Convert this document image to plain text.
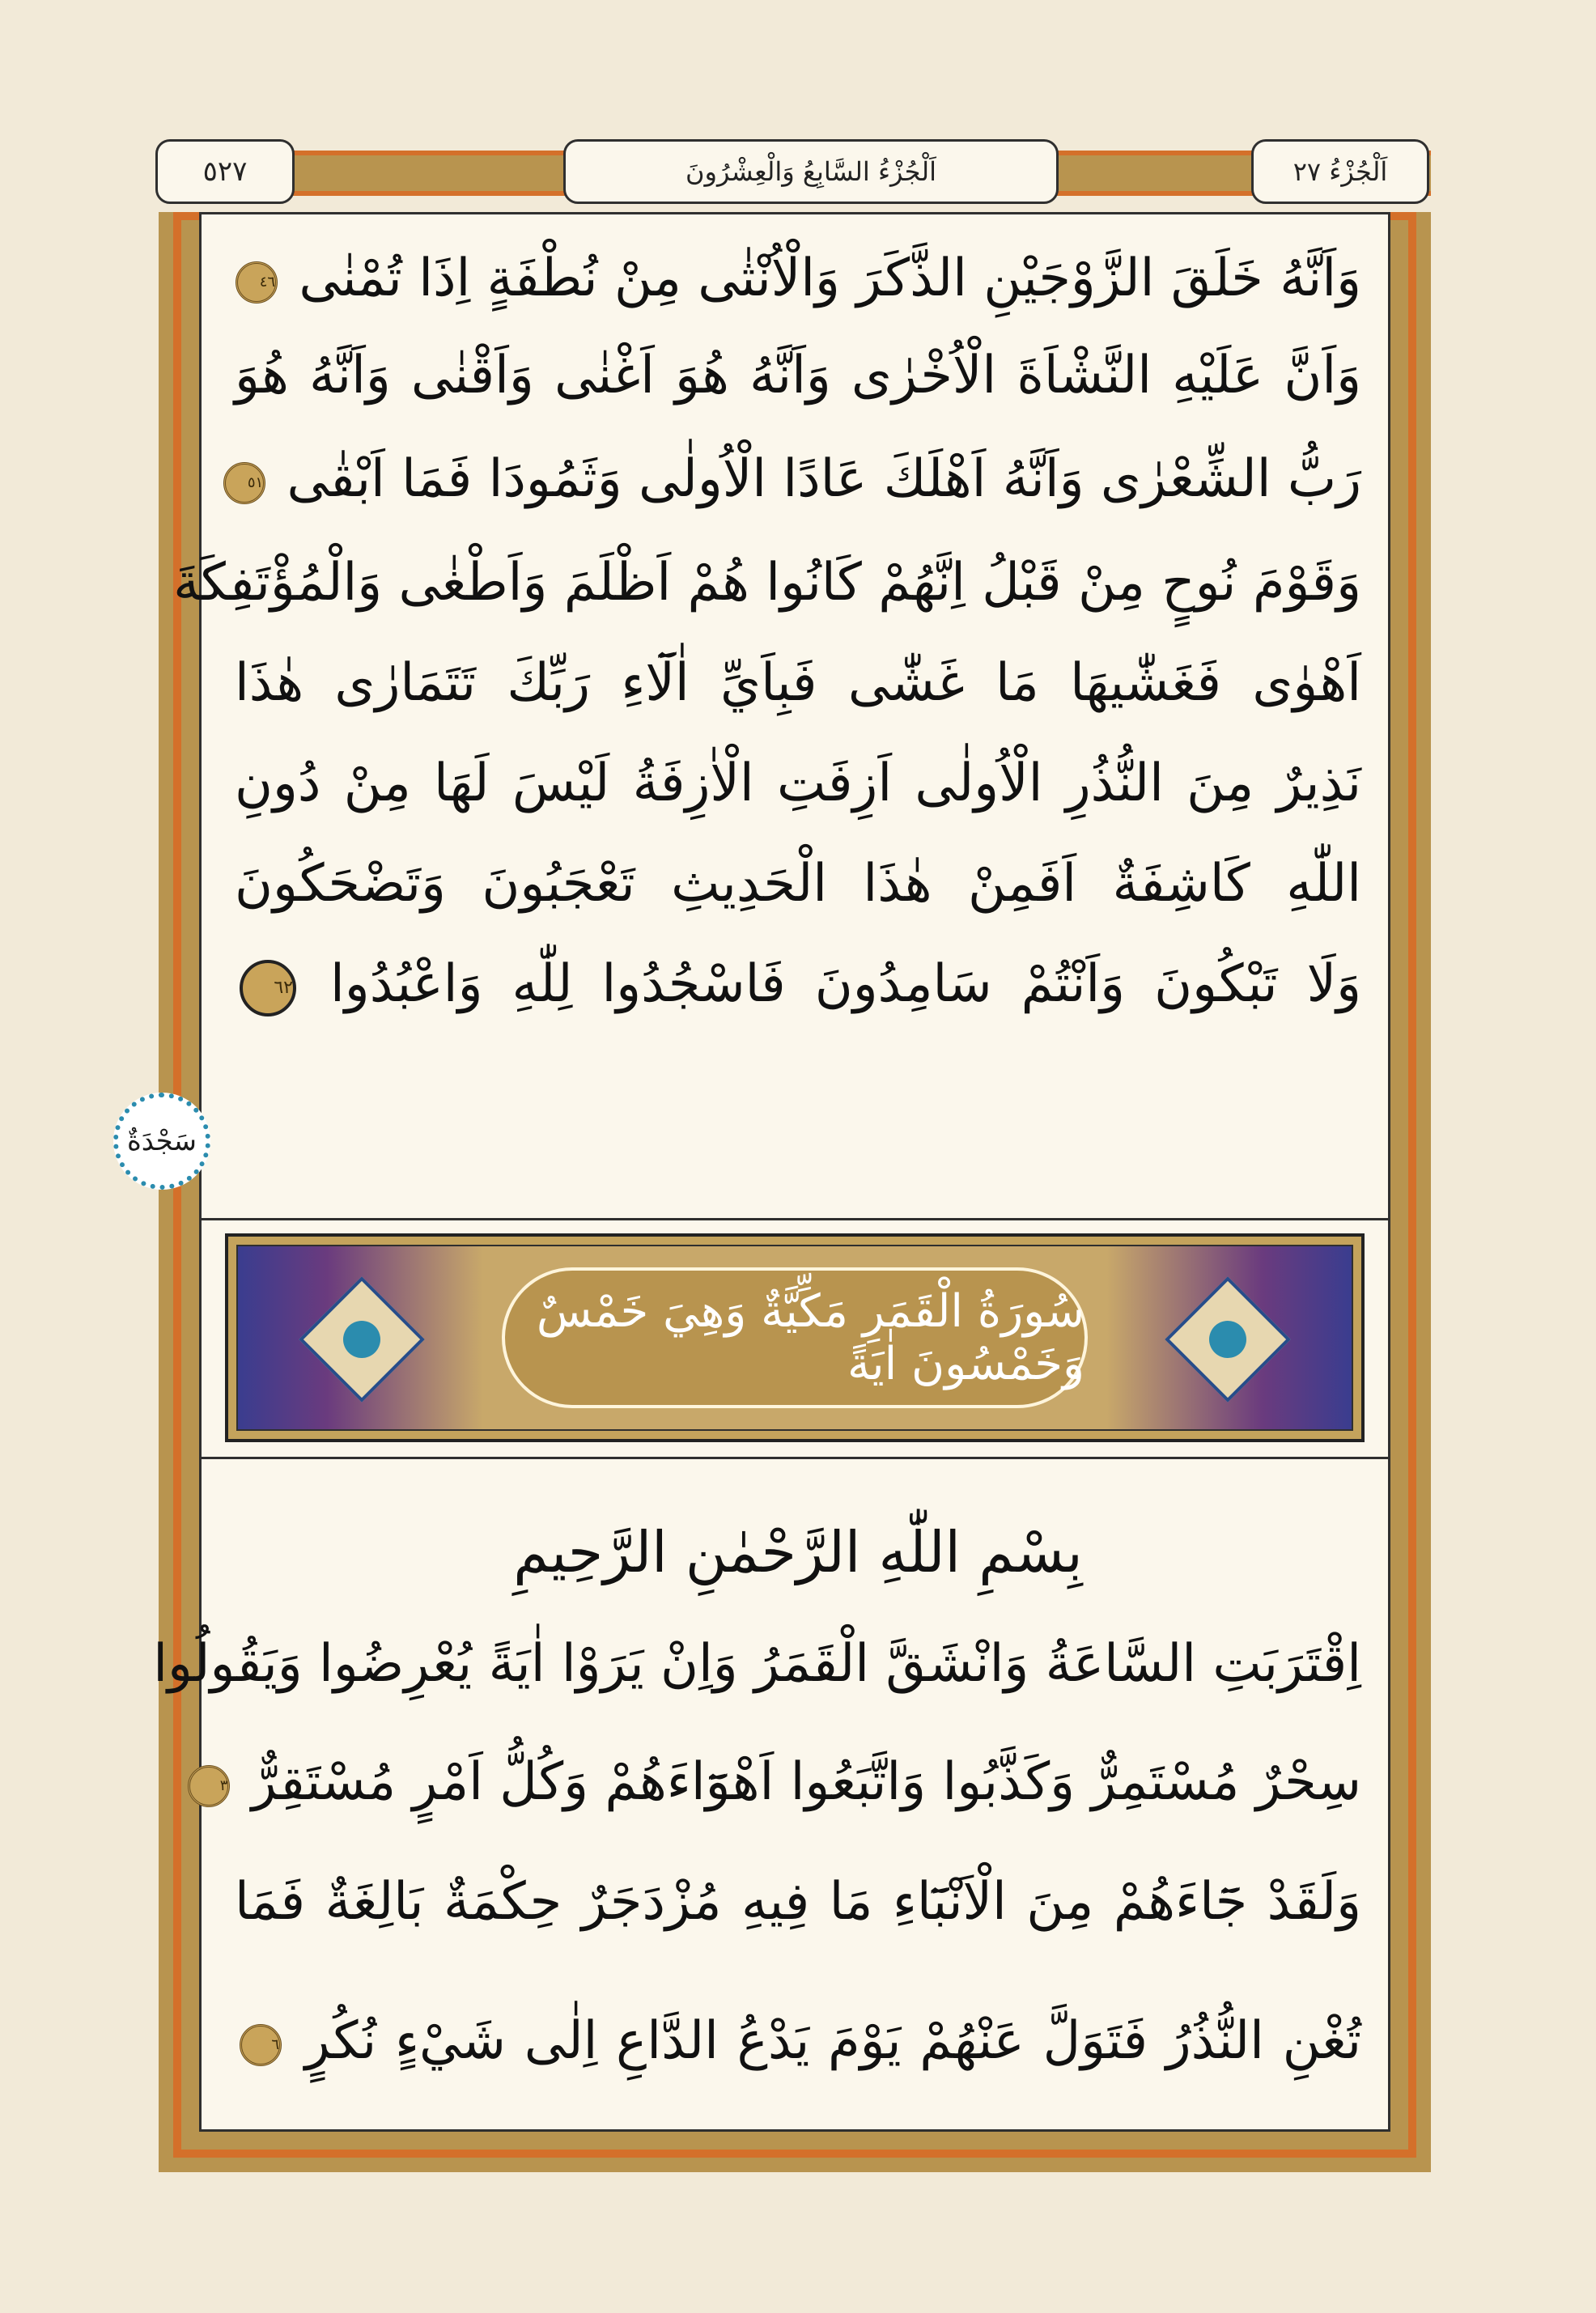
٥٢٧	اَلْجُزْءُ السَّابِعُ وَالْعِشْرُونَ	اَلْجُزْءُ ٢٧
وَاَنَّهُ خَلَقَ الزَّوْجَيْنِ الذَّكَرَ وَالْاُنْثٰى مِنْ نُطْفَةٍ اِذَا تُمْنٰى ٤٦
وَاَنَّ عَلَيْهِ النَّشْاَةَ الْاُخْرٰى وَاَنَّهُ هُوَ اَغْنٰى وَاَقْنٰى وَاَنَّهُ هُوَ
رَبُّ الشِّعْرٰى وَاَنَّهُ اَهْلَكَ عَادًا الْاُولٰى وَثَمُودَا فَمَا اَبْقٰى ٥١
وَقَوْمَ نُوحٍ مِنْ قَبْلُ اِنَّهُمْ كَانُوا هُمْ اَظْلَمَ وَاَطْغٰى وَالْمُؤْتَفِكَةَ
اَهْوٰى فَغَشّٰيهَا مَا غَشّٰى فَبِاَيِّ اٰلَٓاءِ رَبِّكَ تَتَمَارٰى هٰذَا
نَذِيرٌ مِنَ النُّذُرِ الْاُولٰى اَزِفَتِ الْاٰزِفَةُ لَيْسَ لَهَا مِنْ دُونِ
اللّٰهِ كَاشِفَةٌ اَفَمِنْ هٰذَا الْحَدِيثِ تَعْجَبُونَ وَتَضْحَكُونَ
وَلَا تَبْكُونَ وَاَنْتُمْ سَامِدُونَ فَاسْجُدُوا لِلّٰهِ وَاعْبُدُوا ٦٢
سَجْدَةٌ
سُورَةُ الْقَمَرِ مَكِّيَّةٌ وَهِيَ خَمْسٌ وَخَمْسُونَ اٰيَةً
بِسْمِ اللّٰهِ الرَّحْمٰنِ الرَّحِيمِ
اِقْتَرَبَتِ السَّاعَةُ وَانْشَقَّ الْقَمَرُ وَاِنْ يَرَوْا اٰيَةً يُعْرِضُوا وَيَقُولُوا
سِحْرٌ مُسْتَمِرٌّ وَكَذَّبُوا وَاتَّبَعُوا اَهْوَٓاءَهُمْ وَكُلُّ اَمْرٍ مُسْتَقِرٌّ ٣
وَلَقَدْ جَٓاءَهُمْ مِنَ الْاَنْبَٓاءِ مَا فِيهِ مُزْدَجَرٌ حِكْمَةٌ بَالِغَةٌ فَمَا
تُغْنِ النُّذُرُ فَتَوَلَّ عَنْهُمْ يَوْمَ يَدْعُ الدَّاعِ اِلٰى شَيْءٍ نُكُرٍ ٦
